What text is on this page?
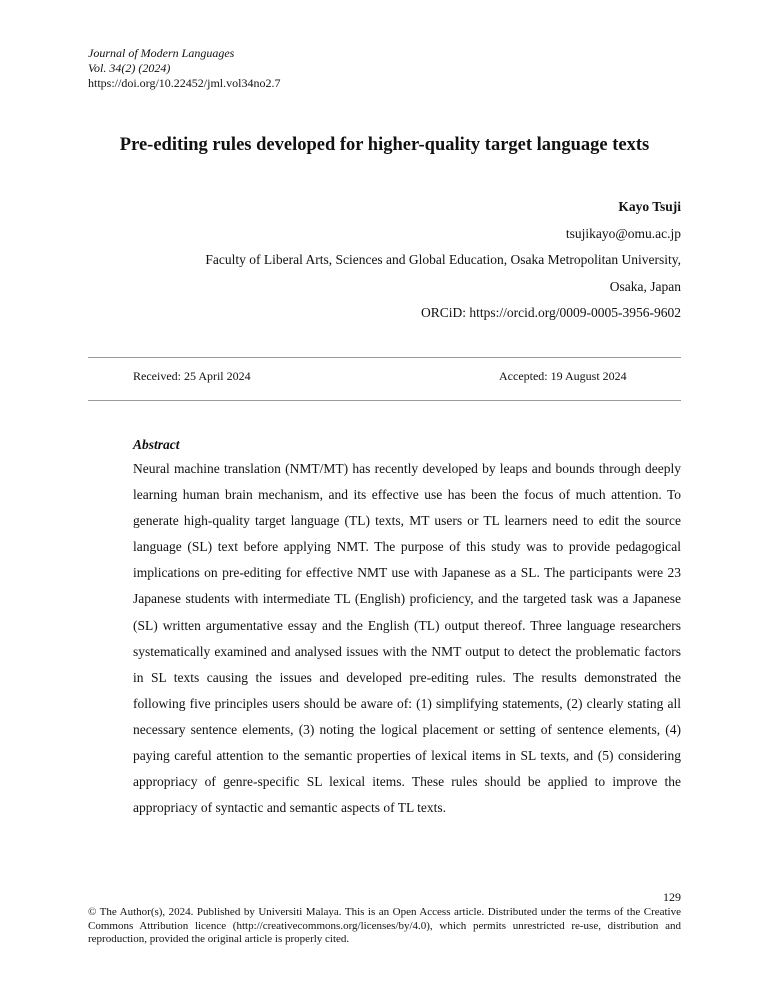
Journal of Modern Languages
Vol. 34(2) (2024)
https://doi.org/10.22452/jml.vol34no2.7
Pre-editing rules developed for higher-quality target language texts
Kayo Tsuji
tsujikayo@omu.ac.jp
Faculty of Liberal Arts, Sciences and Global Education, Osaka Metropolitan University,
Osaka, Japan
ORCiD: https://orcid.org/0009-0005-3956-9602
Received: 25 April 2024	Accepted: 19 August 2024
Abstract

Neural machine translation (NMT/MT) has recently developed by leaps and bounds through deeply learning human brain mechanism, and its effective use has been the focus of much attention. To generate high-quality target language (TL) texts, MT users or TL learners need to edit the source language (SL) text before applying NMT. The purpose of this study was to provide pedagogical implications on pre-editing for effective NMT use with Japanese as a SL. The participants were 23 Japanese students with intermediate TL (English) proficiency, and the targeted task was a Japanese (SL) written argumentative essay and the English (TL) output thereof. Three language researchers systematically examined and analysed issues with the NMT output to detect the problematic factors in SL texts causing the issues and developed pre-editing rules. The results demonstrated the following five principles users should be aware of: (1) simplifying statements, (2) clearly stating all necessary sentence elements, (3) noting the logical placement or setting of sentence elements, (4) paying careful attention to the semantic properties of lexical items in SL texts, and (5) considering appropriacy of genre-specific SL lexical items. These rules should be applied to improve the appropriacy of syntactic and semantic aspects of TL texts.

129
© The Author(s), 2024. Published by Universiti Malaya. This is an Open Access article. Distributed under the terms of the Creative Commons Attribution licence (http://creativecommons.org/licenses/by/4.0), which permits unrestricted re-use, distribution and reproduction, provided the original article is properly cited.
